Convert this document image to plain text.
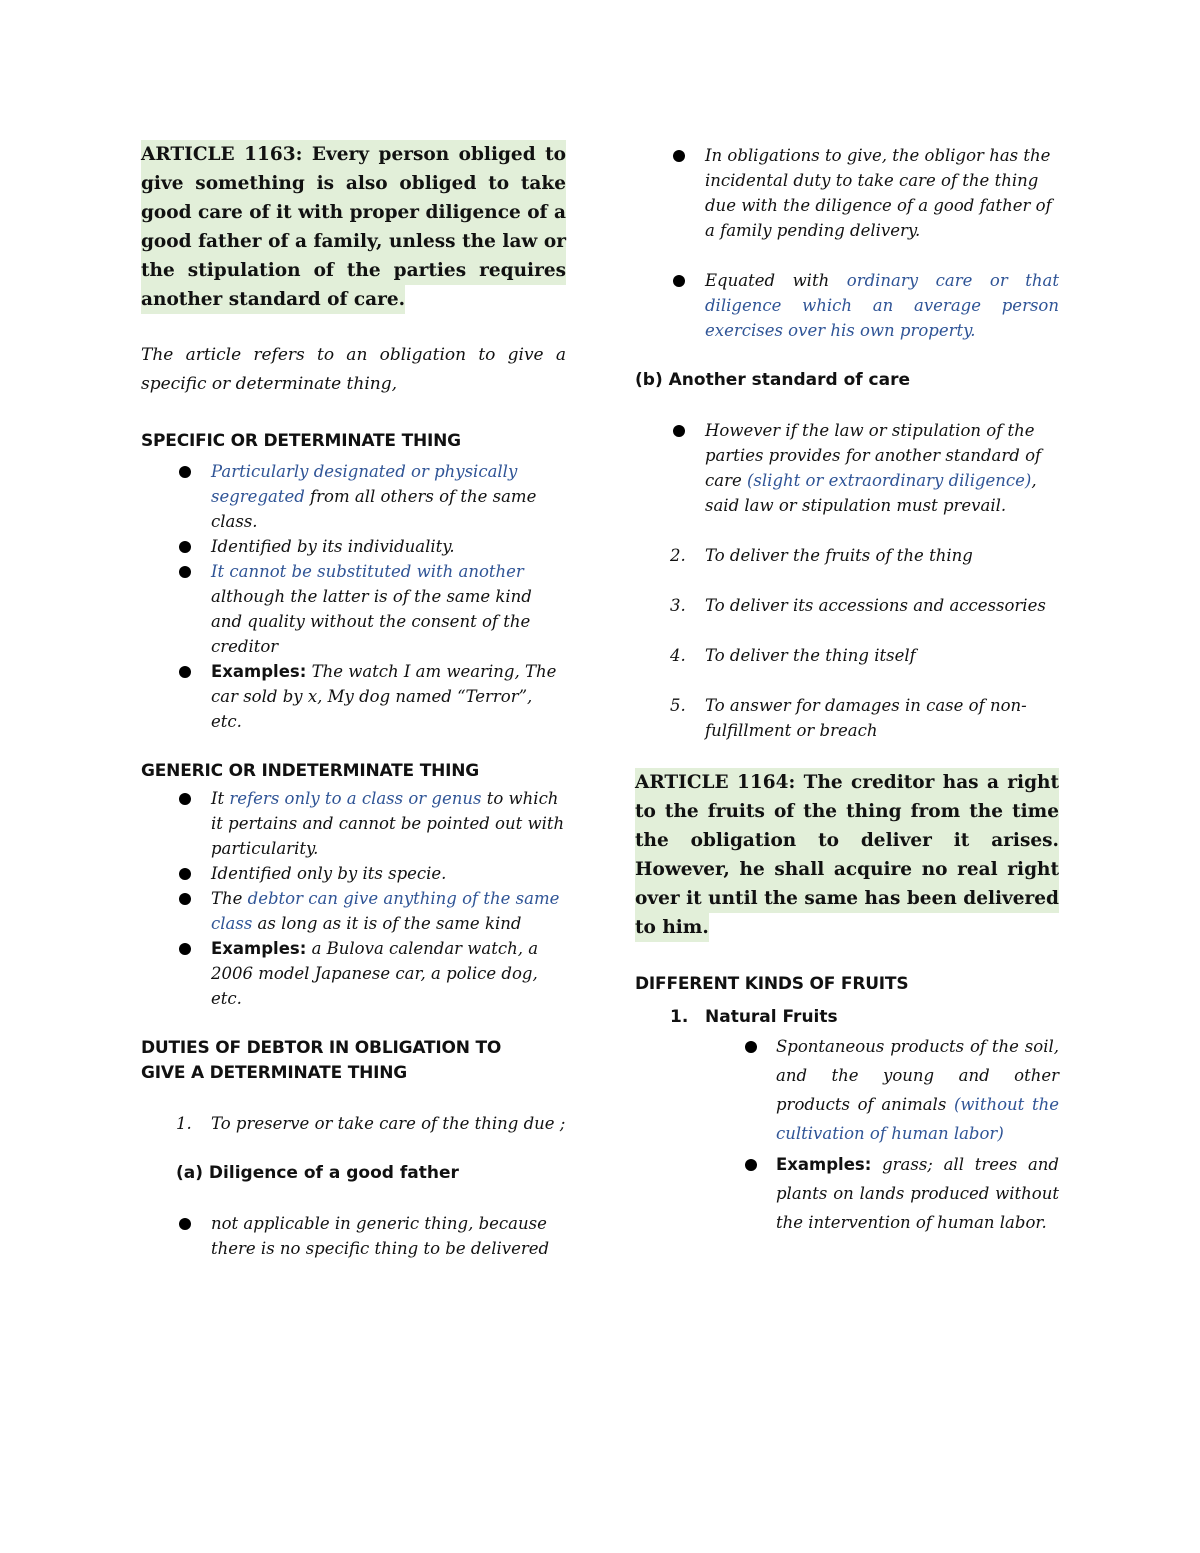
ARTICLE 1163: Every person obliged to give something is also obliged to take good care of it with proper diligence of a good father of a family, unless the law or the stipulation of the parties requires another standard of care.

The article refers to an obligation to give a specific or determinate thing,

SPECIFIC OR DETERMINATE THING
Particularly designated or physically segregated from all others of the same class.
Identified by its individuality.
It cannot be substituted with another although the latter is of the same kind and quality without the consent of the creditor
Examples: The watch I am wearing, The car sold by x, My dog named “Terror”, etc.
GENERIC OR INDETERMINATE THING
It refers only to a class or genus to which it pertains and cannot be pointed out with particularity.
Identified only by its specie.
The debtor can give anything of the same class as long as it is of the same kind
Examples: a Bulova calendar watch, a 2006 model Japanese car, a police dog, etc.
DUTIES OF DEBTOR IN OBLIGATION TO
GIVE A DETERMINATE THING
1. To preserve or take care of the thing due ;
(a) Diligence of a good father
not applicable in generic thing, because there is no specific thing to be delivered
In obligations to give, the obligor has the incidental duty to take care of the thing due with the diligence of a good father of a family pending delivery.
Equated with ordinary care or that diligence which an average person exercises over his own property.
(b) Another standard of care
However if the law or stipulation of the parties provides for another standard of care (slight or extraordinary diligence), said law or stipulation must prevail.
2. To deliver the fruits of the thing
3. To deliver its accessions and accessories
4. To deliver the thing itself
5. To answer for damages in case of non-fulfillment or breach
ARTICLE 1164: The creditor has a right to the fruits of the thing from the time the obligation to deliver it arises. However, he shall acquire no real right over it until the same has been delivered to him.
DIFFERENT KINDS OF FRUITS
1. Natural Fruits
Spontaneous products of the soil, and the young and other products of animals (without the cultivation of human labor)
Examples: grass; all trees and plants on lands produced without the intervention of human labor.
